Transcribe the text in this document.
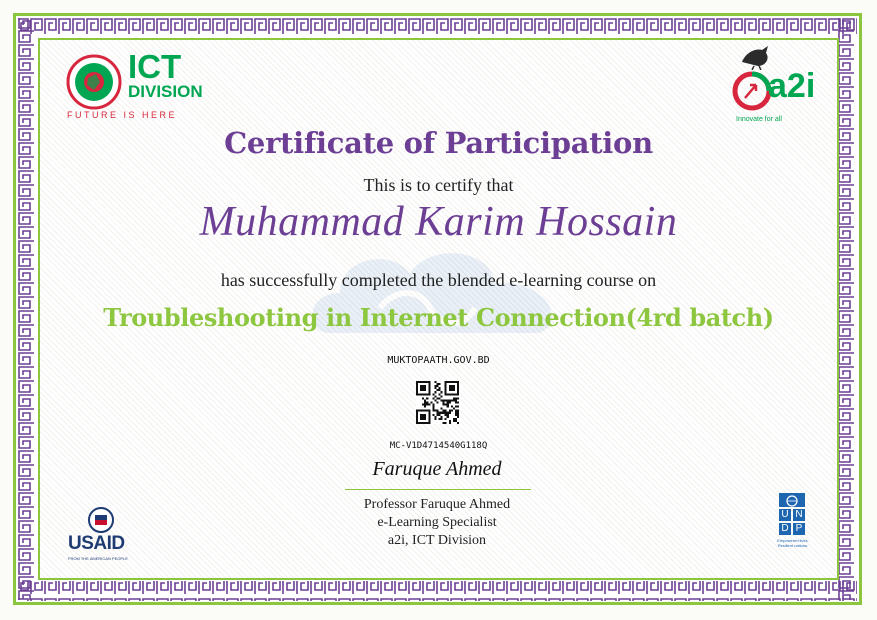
ICT
DIVISION
FUTURE IS HERE
a2i
Innovate for all
Certificate of Participation
This is to certify that
Muhammad Karim Hossain
has successfully completed the blended e-learning course on
Troubleshooting in Internet Connection(4rd batch)
MUKTOPAATH.GOV.BD
MC-V1D4714540G118Q
Faruque Ahmed
Professor Faruque Ahmed
e-Learning Specialist
a2i, ICT Division
USAID
FROM THE AMERICAN PEOPLE
U N
D P
Empowered lives. Resilient nations.
